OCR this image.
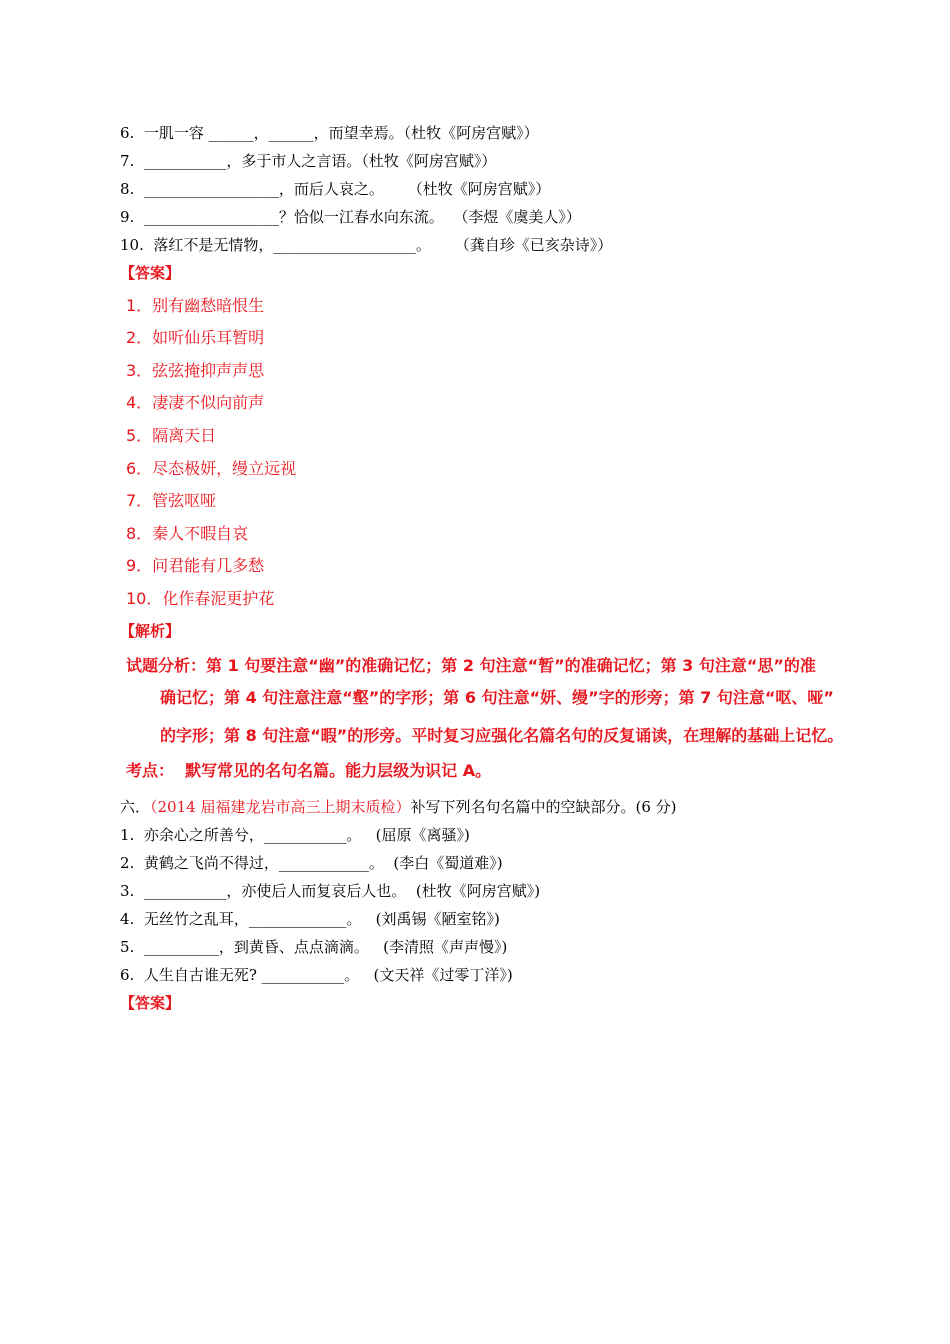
6.  一肌一容 ______，______，而望幸焉。（杜牧《阿房宫赋》）
7.  ___________，多于市人之言语。（杜牧《阿房宫赋》）
8.  __________________，而后人哀之。     （杜牧《阿房宫赋》）
9.  __________________？恰似一江春水向东流。  （李煜《虞美人》）
10.  落红不是无情物，___________________。     （龚自珍《已亥杂诗》）
【答案】
1．别有幽愁暗恨生
2．如听仙乐耳暂明
3．弦弦掩抑声声思
4．凄凄不似向前声
5．隔离天日
6．尽态极妍，缦立远视
7．管弦呕哑
8．秦人不暇自哀
9．问君能有几多愁
10．化作春泥更护花
【解析】
试题分析：第 1 句要注意“幽”的准确记忆；第 2 句注意“暂”的准确记忆；第 3 句注意“思”的准
确记忆；第 4 句注意注意“壑”的字形；第 6 句注意“妍、缦”字的形旁；第 7 句注意“呕、哑”
的字形；第 8 句注意“暇”的形旁。平时复习应强化名篇名句的反复诵读，在理解的基础上记忆。
考点：  默写常见的名句名篇。能力层级为识记 A。
六．（2014 届福建龙岩市高三上期末质检）补写下列名句名篇中的空缺部分。(6 分)
1.  亦余心之所善兮，___________。   (屈原《离骚》)
2.  黄鹤之飞尚不得过，____________。  (李白《蜀道难》)
3.  ___________，亦使后人而复哀后人也。  (杜牧《阿房宫赋》)
4.  无丝竹之乱耳，_____________。   (刘禹锡《陋室铭》)
5.  __________，到黄昏、点点滴滴。   (李清照《声声慢》)
6.  人生自古谁无死? ___________。   (文天祥《过零丁洋》)
【答案】
